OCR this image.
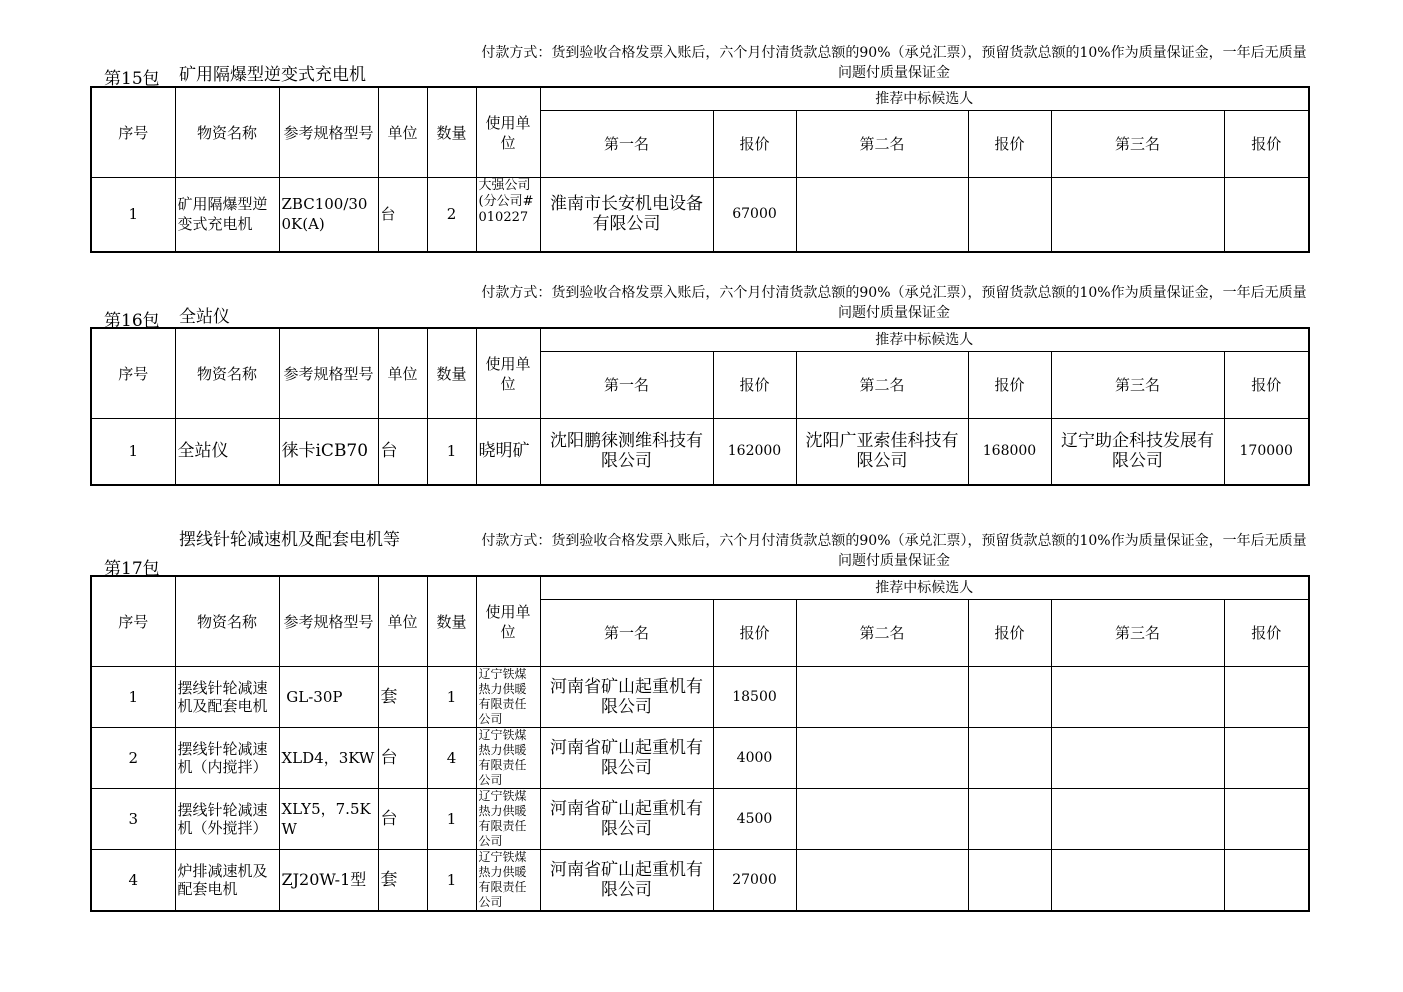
付款方式：货到验收合格发票入账后，六个月付清货款总额的90%（承兑汇票），预留货款总额的10%作为质量保证金，一年后无质量问题付质量保证金
第15包 矿用隔爆型逆变式充电机
序号	物资名称	参考规格型号	单位	数量	使用单位	推荐中标候选人					
						第一名	报价	第二名	报价	第三名	报价
1	矿用隔爆型逆变式充电机	ZBC100/300K(A)	台	2	大强公司(分公司#010227	淮南市长安机电设备有限公司	67000				
付款方式：货到验收合格发票入账后，六个月付清货款总额的90%（承兑汇票），预留货款总额的10%作为质量保证金，一年后无质量问题付质量保证金
第16包 全站仪
序号	物资名称	参考规格型号	单位	数量	使用单位	推荐中标候选人					
						第一名	报价	第二名	报价	第三名	报价
1	全站仪	徕卡iCB70	台	1	晓明矿	沈阳鹏徕测维科技有限公司	162000	沈阳广亚索佳科技有限公司	168000	辽宁助企科技发展有限公司	170000
付款方式：货到验收合格发票入账后，六个月付清货款总额的90%（承兑汇票），预留货款总额的10%作为质量保证金，一年后无质量问题付质量保证金
第17包
摆线针轮减速机及配套电机等
序号	物资名称	参考规格型号	单位	数量	使用单位	推荐中标候选人					
						第一名	报价	第二名	报价	第三名	报价
1	摆线针轮减速机及配套电机	GL-30P	套	1	辽宁铁煤热力供暖有限责任公司	河南省矿山起重机有限公司	18500				
2	摆线针轮减速机（内搅拌）	XLD4，3KW	台	4	辽宁铁煤热力供暖有限责任公司	河南省矿山起重机有限公司	4000				
3	摆线针轮减速机（外搅拌）	XLY5，7.5KW	台	1	辽宁铁煤热力供暖有限责任公司	河南省矿山起重机有限公司	4500				
4	炉排减速机及配套电机	ZJ20W-1型	套	1	辽宁铁煤热力供暖有限责任公司	河南省矿山起重机有限公司	27000				
